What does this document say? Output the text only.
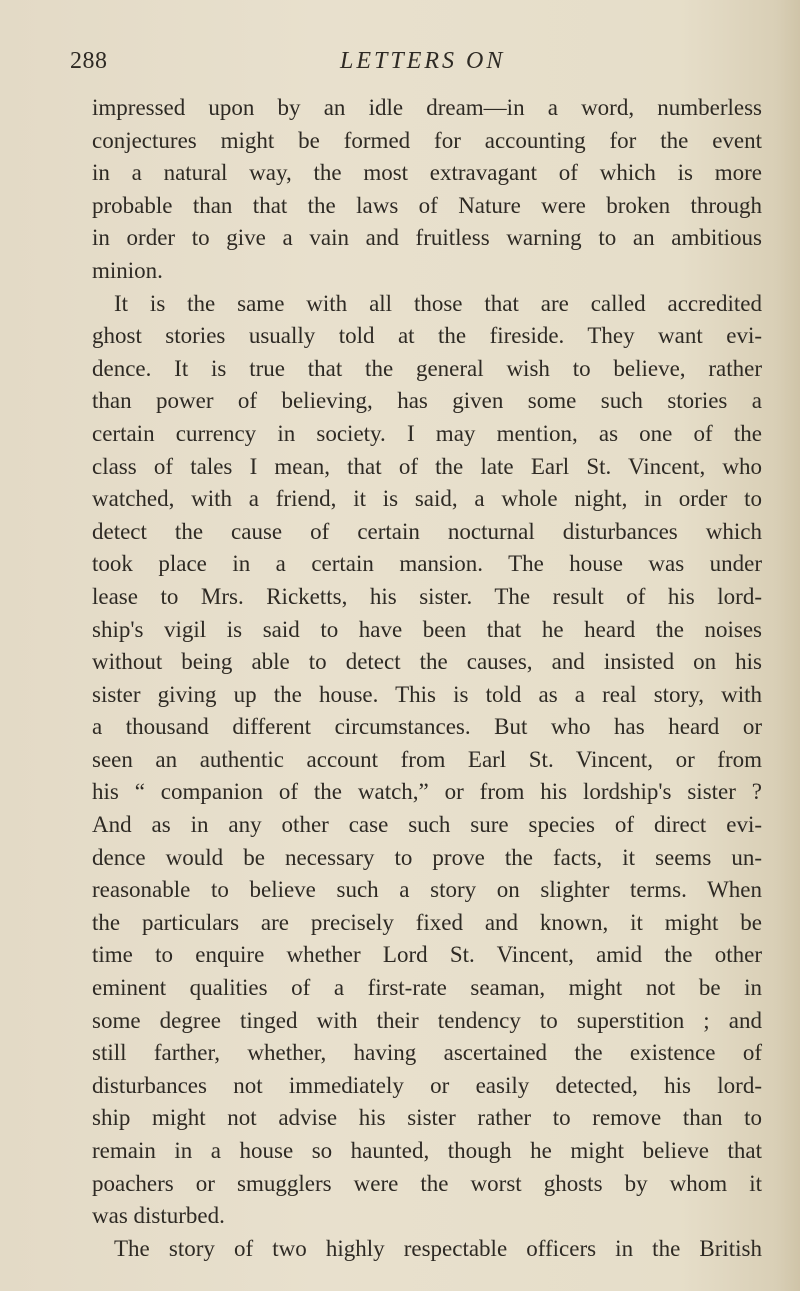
288	LETTERS ON
impressed upon by an idle dream—in a word, numberless
conjectures might be formed for accounting for the event
in a natural way, the most extravagant of which is more
probable than that the laws of Nature were broken through
in order to give a vain and fruitless warning to an ambitious
minion.
It is the same with all those that are called accredited
ghost stories usually told at the fireside. They want evi-
dence. It is true that the general wish to believe, rather
than power of believing, has given some such stories a
certain currency in society. I may mention, as one of the
class of tales I mean, that of the late Earl St. Vincent, who
watched, with a friend, it is said, a whole night, in order to
detect the cause of certain nocturnal disturbances which
took place in a certain mansion. The house was under
lease to Mrs. Ricketts, his sister. The result of his lord-
ship's vigil is said to have been that he heard the noises
without being able to detect the causes, and insisted on his
sister giving up the house. This is told as a real story, with
a thousand different circumstances. But who has heard or
seen an authentic account from Earl St. Vincent, or from
his “ companion of the watch,” or from his lordship's sister ?
And as in any other case such sure species of direct evi-
dence would be necessary to prove the facts, it seems un-
reasonable to believe such a story on slighter terms. When
the particulars are precisely fixed and known, it might be
time to enquire whether Lord St. Vincent, amid the other
eminent qualities of a first-rate seaman, might not be in
some degree tinged with their tendency to superstition ; and
still farther, whether, having ascertained the existence of
disturbances not immediately or easily detected, his lord-
ship might not advise his sister rather to remove than to
remain in a house so haunted, though he might believe that
poachers or smugglers were the worst ghosts by whom it
was disturbed.
The story of two highly respectable officers in the British
